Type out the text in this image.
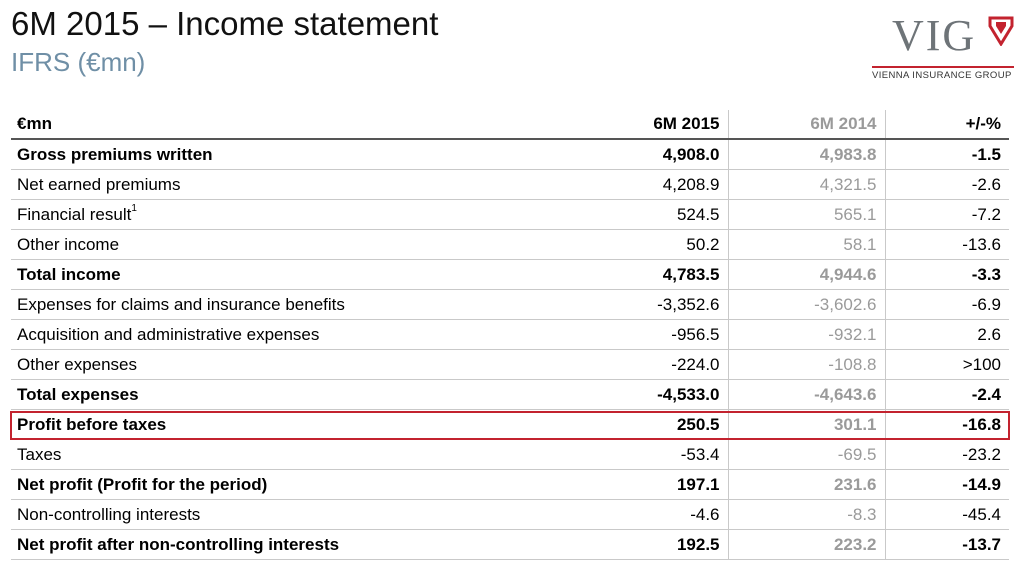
6M 2015 – Income statement
IFRS (€mn)
VIG
VIENNA INSURANCE GROUP
€mn	6M 2015	6M 2014	+/-%
Gross premiums written	4,908.0	4,983.8	-1.5
Net earned premiums	4,208.9	4,321.5	-2.6
Financial result$^1$	524.5	565.1	-7.2
Other income	50.2	58.1	-13.6
Total income	4,783.5	4,944.6	-3.3
Expenses for claims and insurance benefits	-3,352.6	-3,602.6	-6.9
Acquisition and administrative expenses	-956.5	-932.1	2.6
Other expenses	-224.0	-108.8	>100
Total expenses	-4,533.0	-4,643.6	-2.4
Profit before taxes	250.5	301.1	-16.8
Taxes	-53.4	-69.5	-23.2
Net profit (Profit for the period)	197.1	231.6	-14.9
Non-controlling interests	-4.6	-8.3	-45.4
Net profit after non-controlling interests	192.5	223.2	-13.7
